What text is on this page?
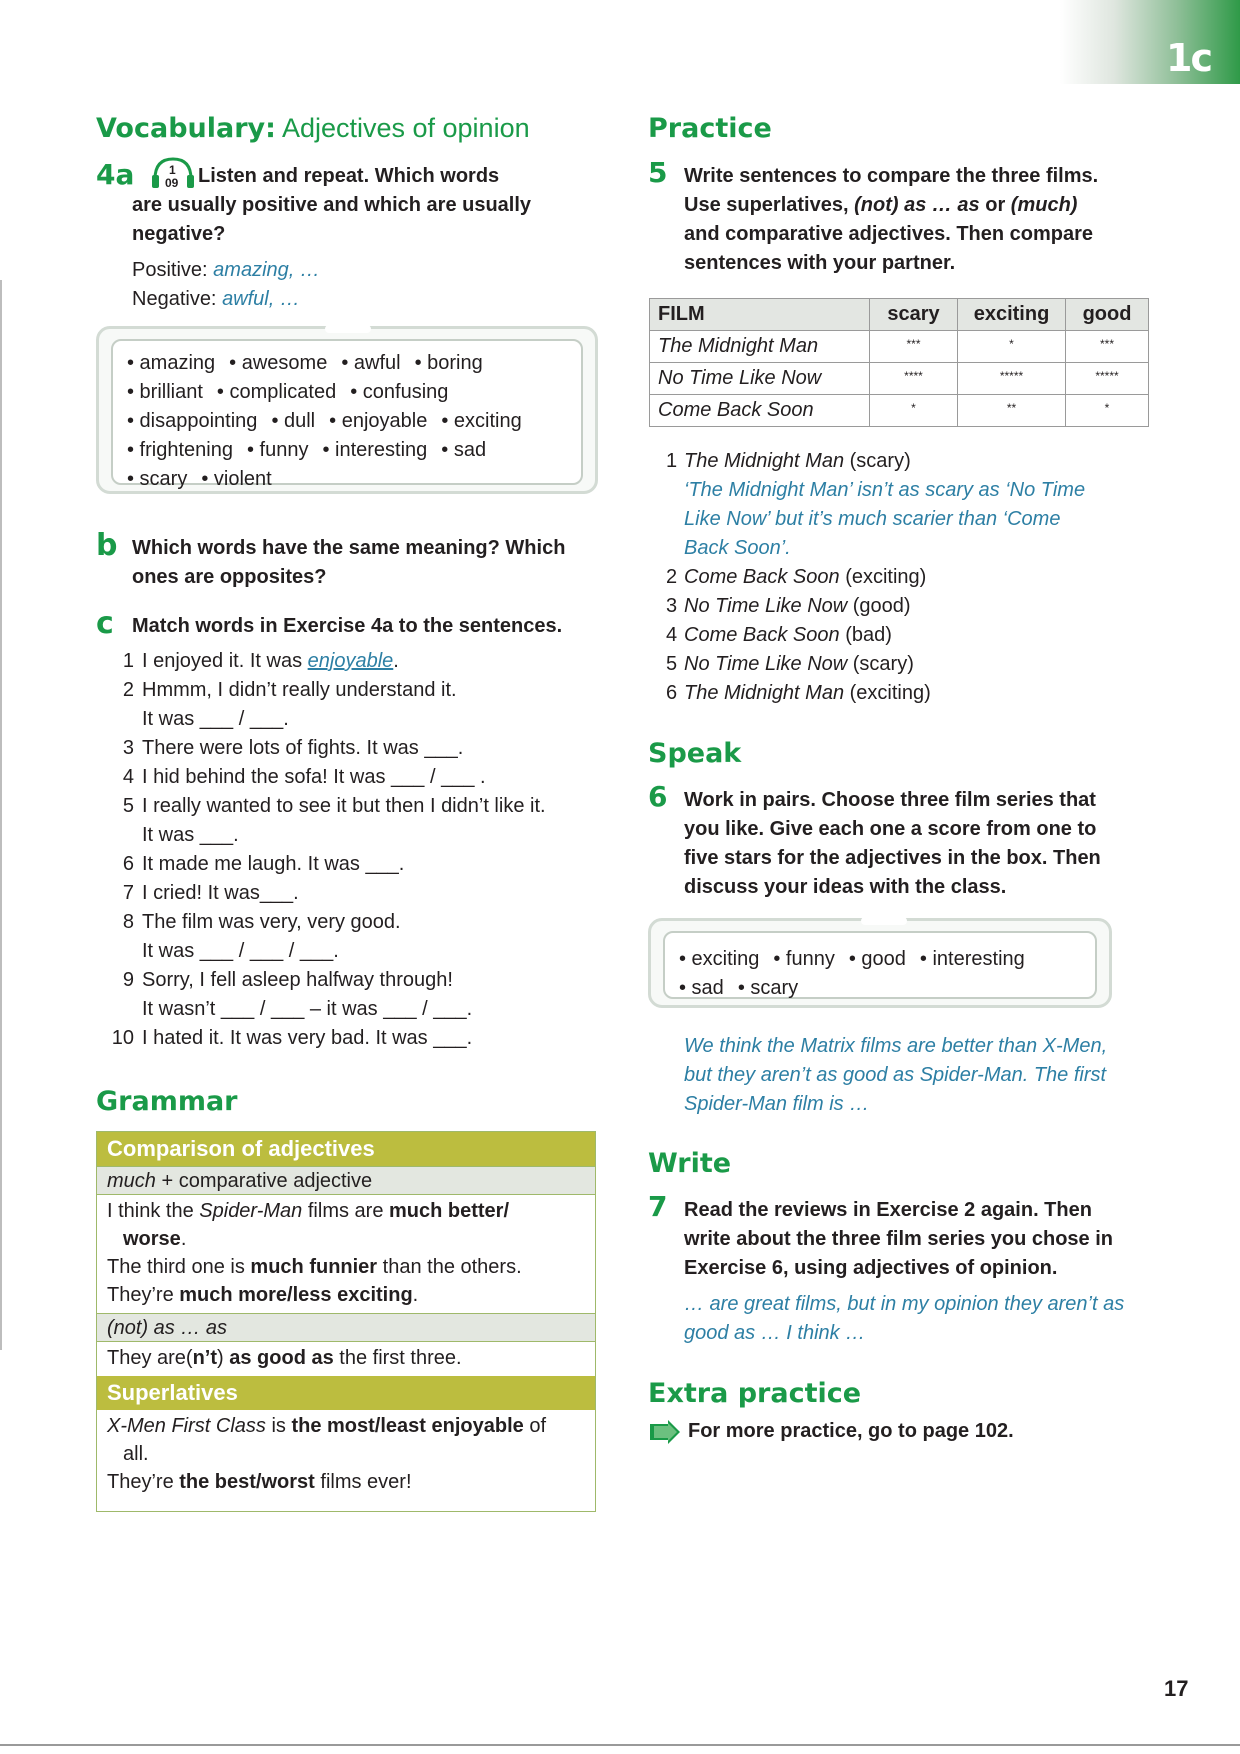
1c
Vocabulary: Adjectives of opinion
4a	1
09 Listen and repeat. Which words
are usually positive and which are usually
negative?
Positive: amazing, …
Negative: awful, …
• amazing • awesome • awful • boring
• brilliant • complicated • confusing
• disappointing • dull • enjoyable • exciting
• frightening • funny • interesting • sad
• scary • violent
b Which words have the same meaning? Which
ones are opposites?
c Match words in Exercise 4a to the sentences.
1 I enjoyed it. It was enjoyable.
2 Hmmm, I didn’t really understand it.
It was ___ / ___.
3 There were lots of fights. It was ___.
4 I hid behind the sofa! It was ___ / ___ .
5 I really wanted to see it but then I didn’t like it.
It was ___.
6 It made me laugh. It was ___.
7 I cried! It was___.
8 The film was very, very good.
It was ___ / ___ / ___.
9 Sorry, I fell asleep halfway through!
It wasn’t ___ / ___ – it was ___ / ___.
10 I hated it. It was very bad. It was ___.
Grammar
Comparison of adjectives
much + comparative adjective
I think the Spider-Man films are much better/
worse.
The third one is much funnier than the others.
They’re much more/less exciting.
(not) as … as
They are(n’t) as good as the first three.
Superlatives
X-Men First Class is the most/least enjoyable of
all.
They’re the best/worst films ever!
Practice
5 Write sentences to compare the three films.
Use superlatives, (not) as … as or (much)
and comparative adjectives. Then compare
sentences with your partner.
FILM	scary	exciting	good
The Midnight Man	***	*	***
No Time Like Now	****	*****	*****
Come Back Soon	*	**	*
1 The Midnight Man (scary)
‘The Midnight Man’ isn’t as scary as ‘No Time
Like Now’ but it’s much scarier than ‘Come
Back Soon’.
2 Come Back Soon (exciting)
3 No Time Like Now (good)
4 Come Back Soon (bad)
5 No Time Like Now (scary)
6 The Midnight Man (exciting)
Speak
6 Work in pairs. Choose three film series that
you like. Give each one a score from one to
five stars for the adjectives in the box. Then
discuss your ideas with the class.
• exciting • funny • good • interesting
• sad • scary
We think the Matrix films are better than X-Men,
but they aren’t as good as Spider-Man. The first
Spider-Man film is …
Write
7 Read the reviews in Exercise 2 again. Then
write about the three film series you chose in
Exercise 6, using adjectives of opinion.
… are great films, but in my opinion they aren’t as
good as … I think …
Extra practice
For more practice, go to page 102.
17
